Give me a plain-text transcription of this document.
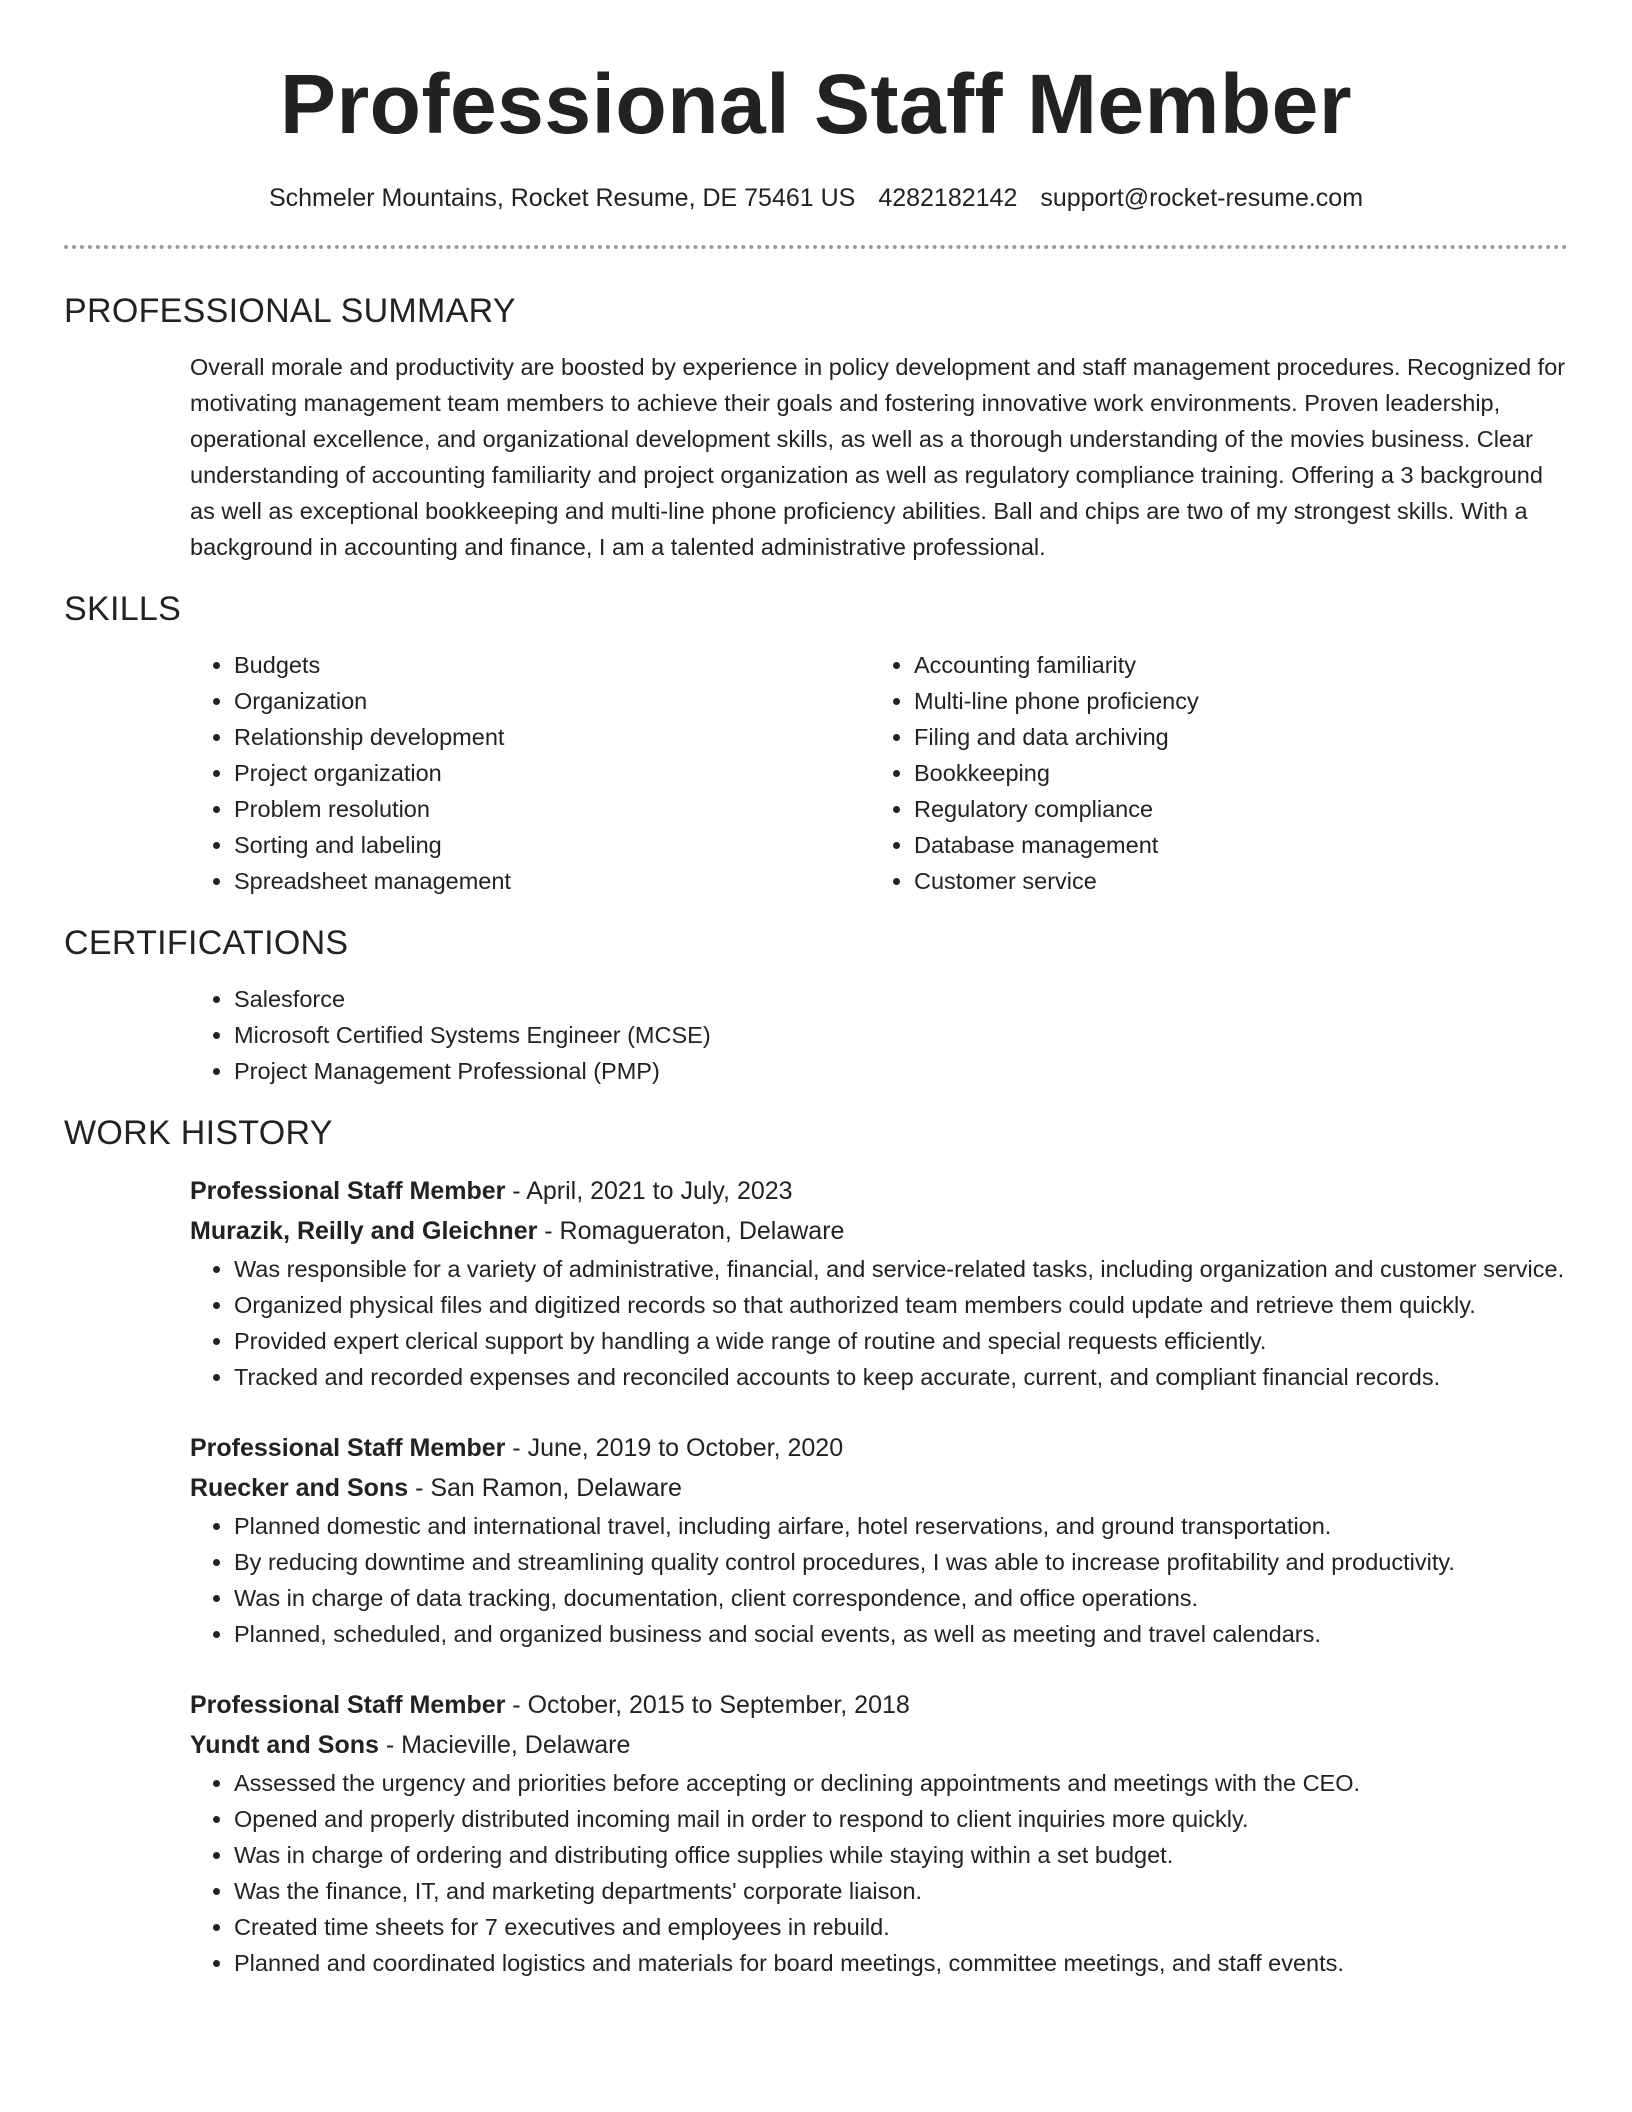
Professional Staff Member
Schmeler Mountains, Rocket Resume, DE 75461 US 4282182142 support@rocket-resume.com
PROFESSIONAL SUMMARY

Overall morale and productivity are boosted by experience in policy development and staff management procedures. Recognized for motivating management team members to achieve their goals and fostering innovative work environments. Proven leadership, operational excellence, and organizational development skills, as well as a thorough understanding of the movies business. Clear understanding of accounting familiarity and project organization as well as regulatory compliance training. Offering a 3 background as well as exceptional bookkeeping and multi-line phone proficiency abilities. Ball and chips are two of my strongest skills. With a background in accounting and finance, I am a talented administrative professional.

SKILLS
• Budgets
• Organization
• Relationship development
• Project organization
• Problem resolution
• Sorting and labeling
• Spreadsheet management
• Accounting familiarity
• Multi-line phone proficiency
• Filing and data archiving
• Bookkeeping
• Regulatory compliance
• Database management
• Customer service
CERTIFICATIONS
• Salesforce
• Microsoft Certified Systems Engineer (MCSE)
• Project Management Professional (PMP)
WORK HISTORY
Professional Staff Member - April, 2021 to July, 2023
Murazik, Reilly and Gleichner - Romagueraton, Delaware
• Was responsible for a variety of administrative, financial, and service-related tasks, including organization and customer service.
• Organized physical files and digitized records so that authorized team members could update and retrieve them quickly.
• Provided expert clerical support by handling a wide range of routine and special requests efficiently.
• Tracked and recorded expenses and reconciled accounts to keep accurate, current, and compliant financial records.
Professional Staff Member - June, 2019 to October, 2020
Ruecker and Sons - San Ramon, Delaware
• Planned domestic and international travel, including airfare, hotel reservations, and ground transportation.
• By reducing downtime and streamlining quality control procedures, I was able to increase profitability and productivity.
• Was in charge of data tracking, documentation, client correspondence, and office operations.
• Planned, scheduled, and organized business and social events, as well as meeting and travel calendars.
Professional Staff Member - October, 2015 to September, 2018
Yundt and Sons - Macieville, Delaware
• Assessed the urgency and priorities before accepting or declining appointments and meetings with the CEO.
• Opened and properly distributed incoming mail in order to respond to client inquiries more quickly.
• Was in charge of ordering and distributing office supplies while staying within a set budget.
• Was the finance, IT, and marketing departments' corporate liaison.
• Created time sheets for 7 executives and employees in rebuild.
• Planned and coordinated logistics and materials for board meetings, committee meetings, and staff events.
